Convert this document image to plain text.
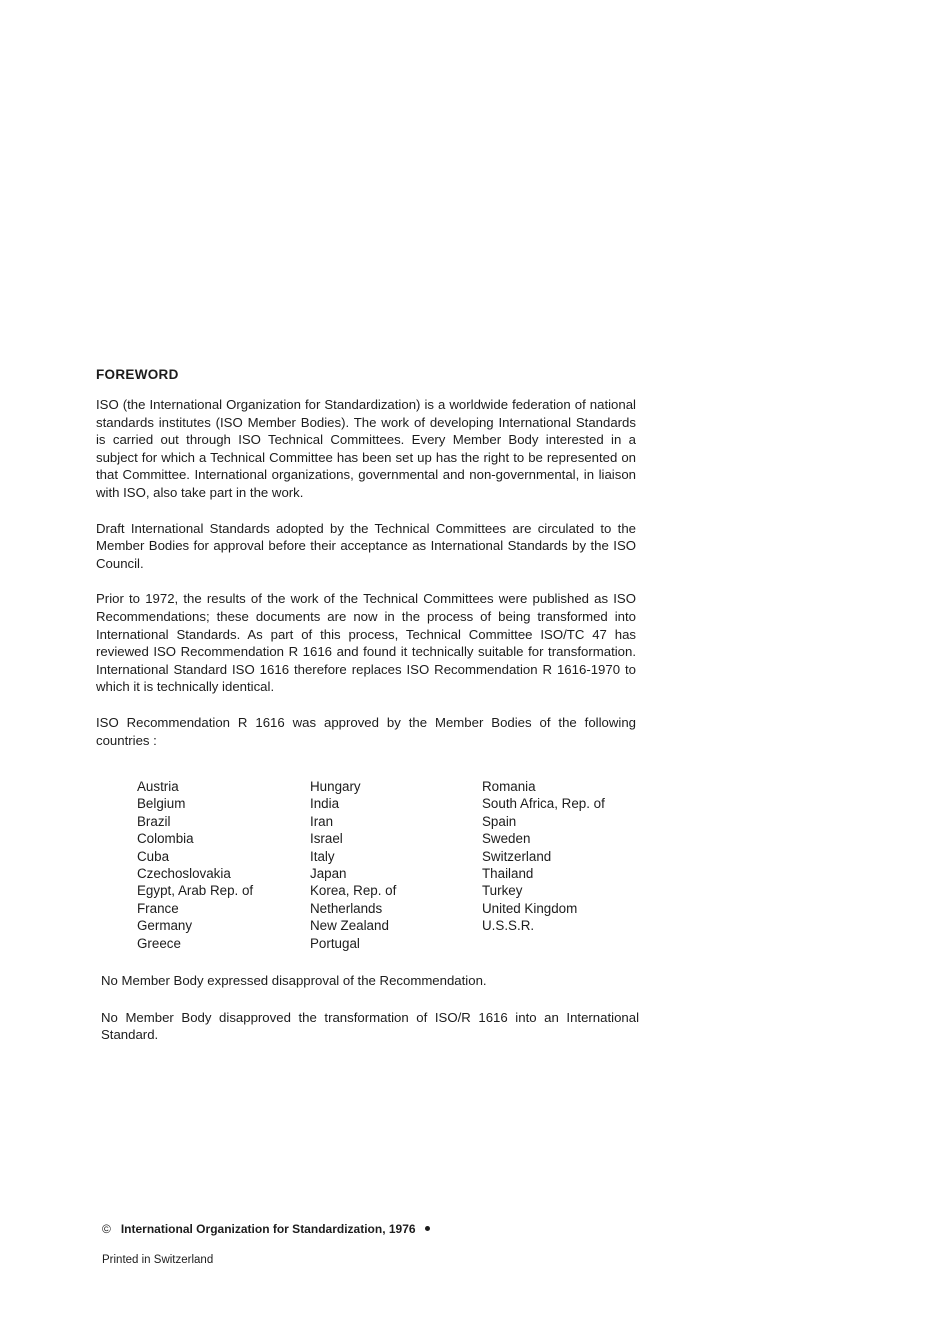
FOREWORD

ISO (the International Organization for Standardization) is a worldwide federation of national standards institutes (ISO Member Bodies). The work of developing International Standards is carried out through ISO Technical Committees. Every Member Body interested in a subject for which a Technical Committee has been set up has the right to be represented on that Committee. International organizations, governmental and non-governmental, in liaison with ISO, also take part in the work.

Draft International Standards adopted by the Technical Committees are circulated to the Member Bodies for approval before their acceptance as International Standards by the ISO Council.

Prior to 1972, the results of the work of the Technical Committees were published as ISO Recommendations; these documents are now in the process of being transformed into International Standards. As part of this process, Technical Committee ISO/TC 47 has reviewed ISO Recommendation R 1616 and found it technically suitable for transformation. International Standard ISO 1616 therefore replaces ISO Recommendation R 1616-1970 to which it is technically identical.

ISO Recommendation R 1616 was approved by the Member Bodies of the following countries :

Austria
Belgium
Brazil
Colombia
Cuba
Czechoslovakia
Egypt, Arab Rep. of
France
Germany
Greece
Hungary
India
Iran
Israel
Italy
Japan
Korea, Rep. of
Netherlands
New Zealand
Portugal
Romania
South Africa, Rep. of
Spain
Sweden
Switzerland
Thailand
Turkey
United Kingdom
U.S.S.R.

No Member Body expressed disapproval of the Recommendation.

No Member Body disapproved the transformation of ISO/R 1616 into an International Standard.

© International Organization for Standardization, 1976
Printed in Switzerland
